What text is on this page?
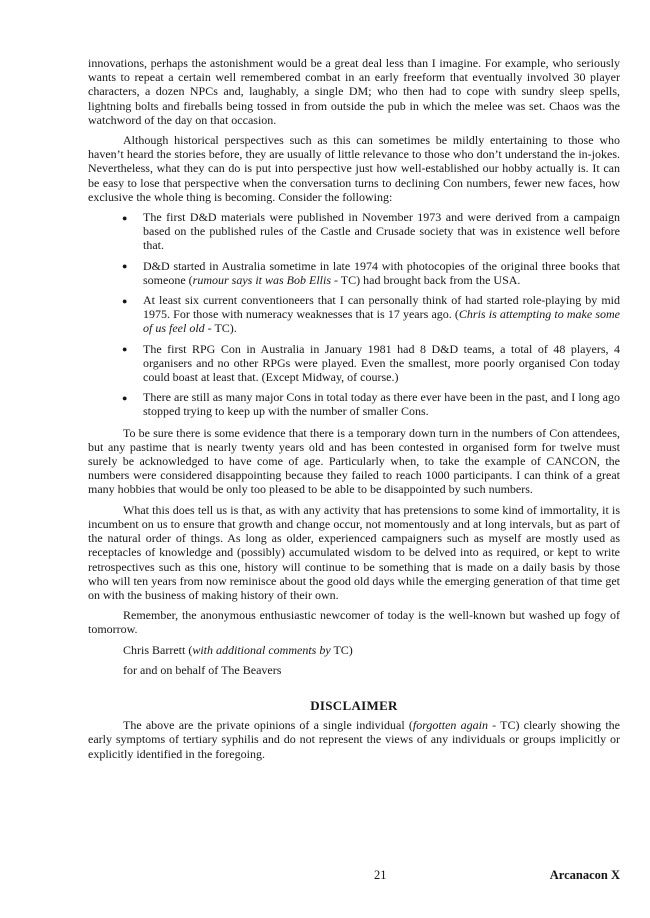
innovations, perhaps the astonishment would be a great deal less than I imagine. For example, who seriously wants to repeat a certain well remembered combat in an early freeform that eventually involved 30 player characters, a dozen NPCs and, laughably, a single DM; who then had to cope with sundry sleep spells, lightning bolts and fireballs being tossed in from outside the pub in which the melee was set. Chaos was the watchword of the day on that occasion.

Although historical perspectives such as this can sometimes be mildly entertaining to those who haven’t heard the stories before, they are usually of little relevance to those who don’t understand the in-jokes. Nevertheless, what they can do is put into perspective just how well-established our hobby actually is. It can be easy to lose that perspective when the conversation turns to declining Con numbers, fewer new faces, how exclusive the whole thing is becoming. Consider the following:

● The first D&D materials were published in November 1973 and were derived from a campaign based on the published rules of the Castle and Crusade society that was in existence well before that.
● D&D started in Australia sometime in late 1974 with photocopies of the original three books that someone (rumour says it was Bob Ellis - TC) had brought back from the USA.
● At least six current conventioneers that I can personally think of had started role-playing by mid 1975. For those with numeracy weaknesses that is 17 years ago. (Chris is attempting to make some of us feel old - TC).
● The first RPG Con in Australia in January 1981 had 8 D&D teams, a total of 48 players, 4 organisers and no other RPGs were played. Even the smallest, more poorly organised Con today could boast at least that. (Except Midway, of course.)
● There are still as many major Cons in total today as there ever have been in the past, and I long ago stopped trying to keep up with the number of smaller Cons.

To be sure there is some evidence that there is a temporary down turn in the numbers of Con attendees, but any pastime that is nearly twenty years old and has been contested in organised form for twelve must surely be acknowledged to have come of age. Particularly when, to take the example of CANCON, the numbers were considered disappointing because they failed to reach 1000 participants. I can think of a great many hobbies that would be only too pleased to be able to be disappointed by such numbers.

What this does tell us is that, as with any activity that has pretensions to some kind of immortality, it is incumbent on us to ensure that growth and change occur, not momentously and at long intervals, but as part of the natural order of things. As long as older, experienced campaigners such as myself are mostly used as receptacles of knowledge and (possibly) accumulated wisdom to be delved into as required, or kept to write retrospectives such as this one, history will continue to be something that is made on a daily basis by those who will ten years from now reminisce about the good old days while the emerging generation of that time get on with the business of making history of their own.

Remember, the anonymous enthusiastic newcomer of today is the well-known but washed up fogy of tomorrow.

Chris Barrett (with additional comments by TC)

for and on behalf of The Beavers

DISCLAIMER

The above are the private opinions of a single individual (forgotten again - TC) clearly showing the early symptoms of tertiary syphilis and do not represent the views of any individuals or groups implicitly or explicitly identified in the foregoing.

21	Arcanacon X
